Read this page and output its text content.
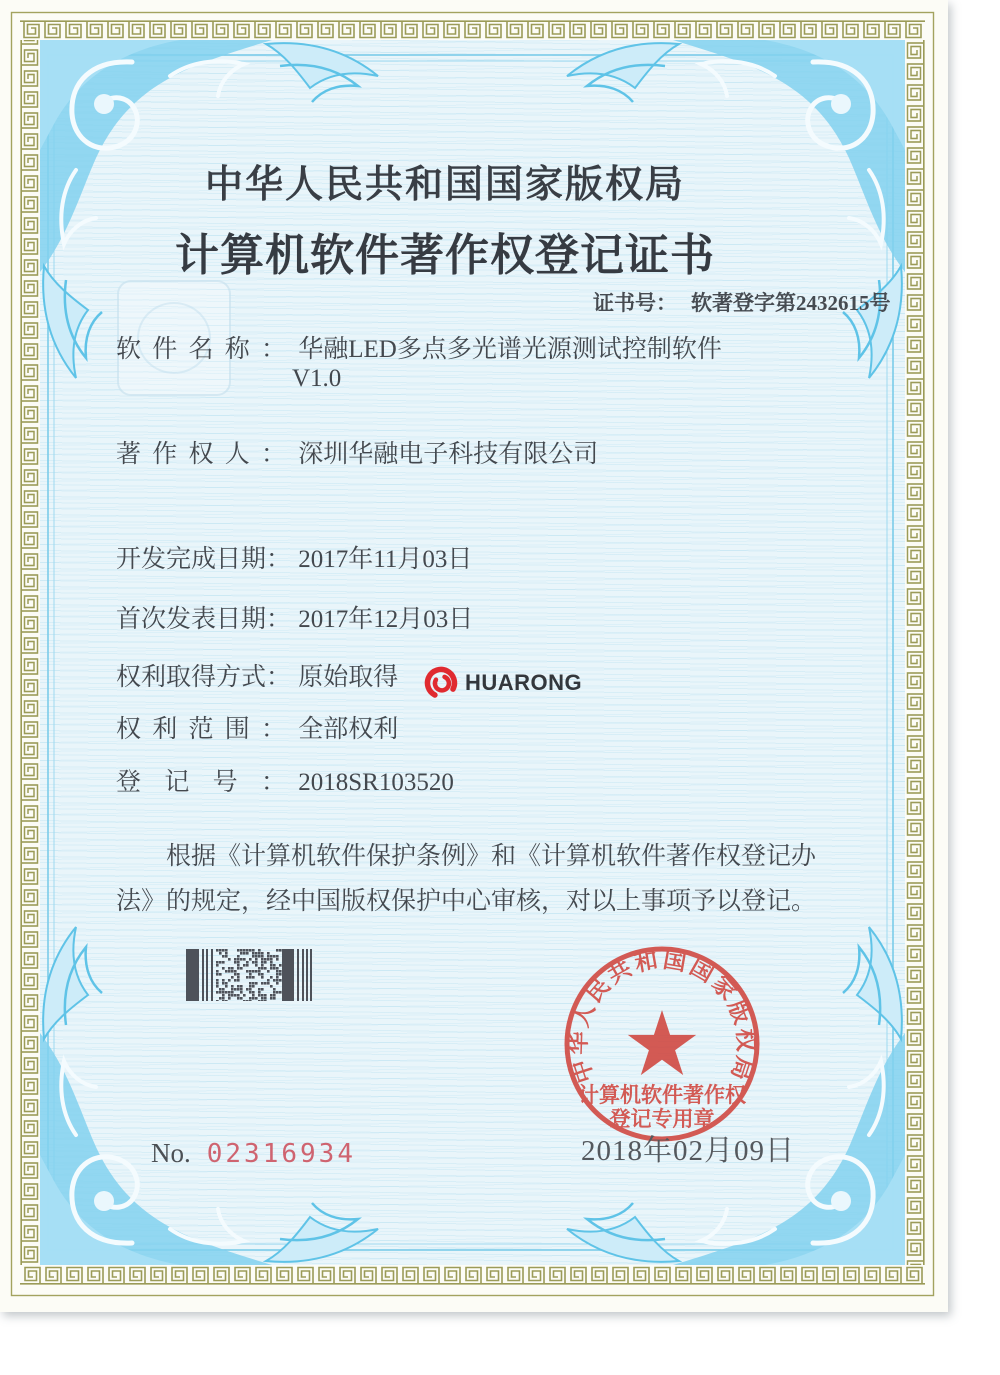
中华人民共和国国家版权局
计算机软件著作权登记证书
证书号： 软著登字第2432615号
软件名称： 华融LED多点多光谱光源测试控制软件
V1.0
著作权人： 深圳华融电子科技有限公司
开发完成日期： 2017年11月03日
首次发表日期： 2017年12月03日
权利取得方式： 原始取得
权利范围： 全部权利
登记号： 2018SR103520
根据《计算机软件保护条例》和《计算机软件著作权登记办法》的规定，经中国版权保护中心审核，对以上事项予以登记。
HUARONG
中华人民共和国国家版权局
计算机软件著作权
登记专用章
2018年02月09日
No. 02316934
